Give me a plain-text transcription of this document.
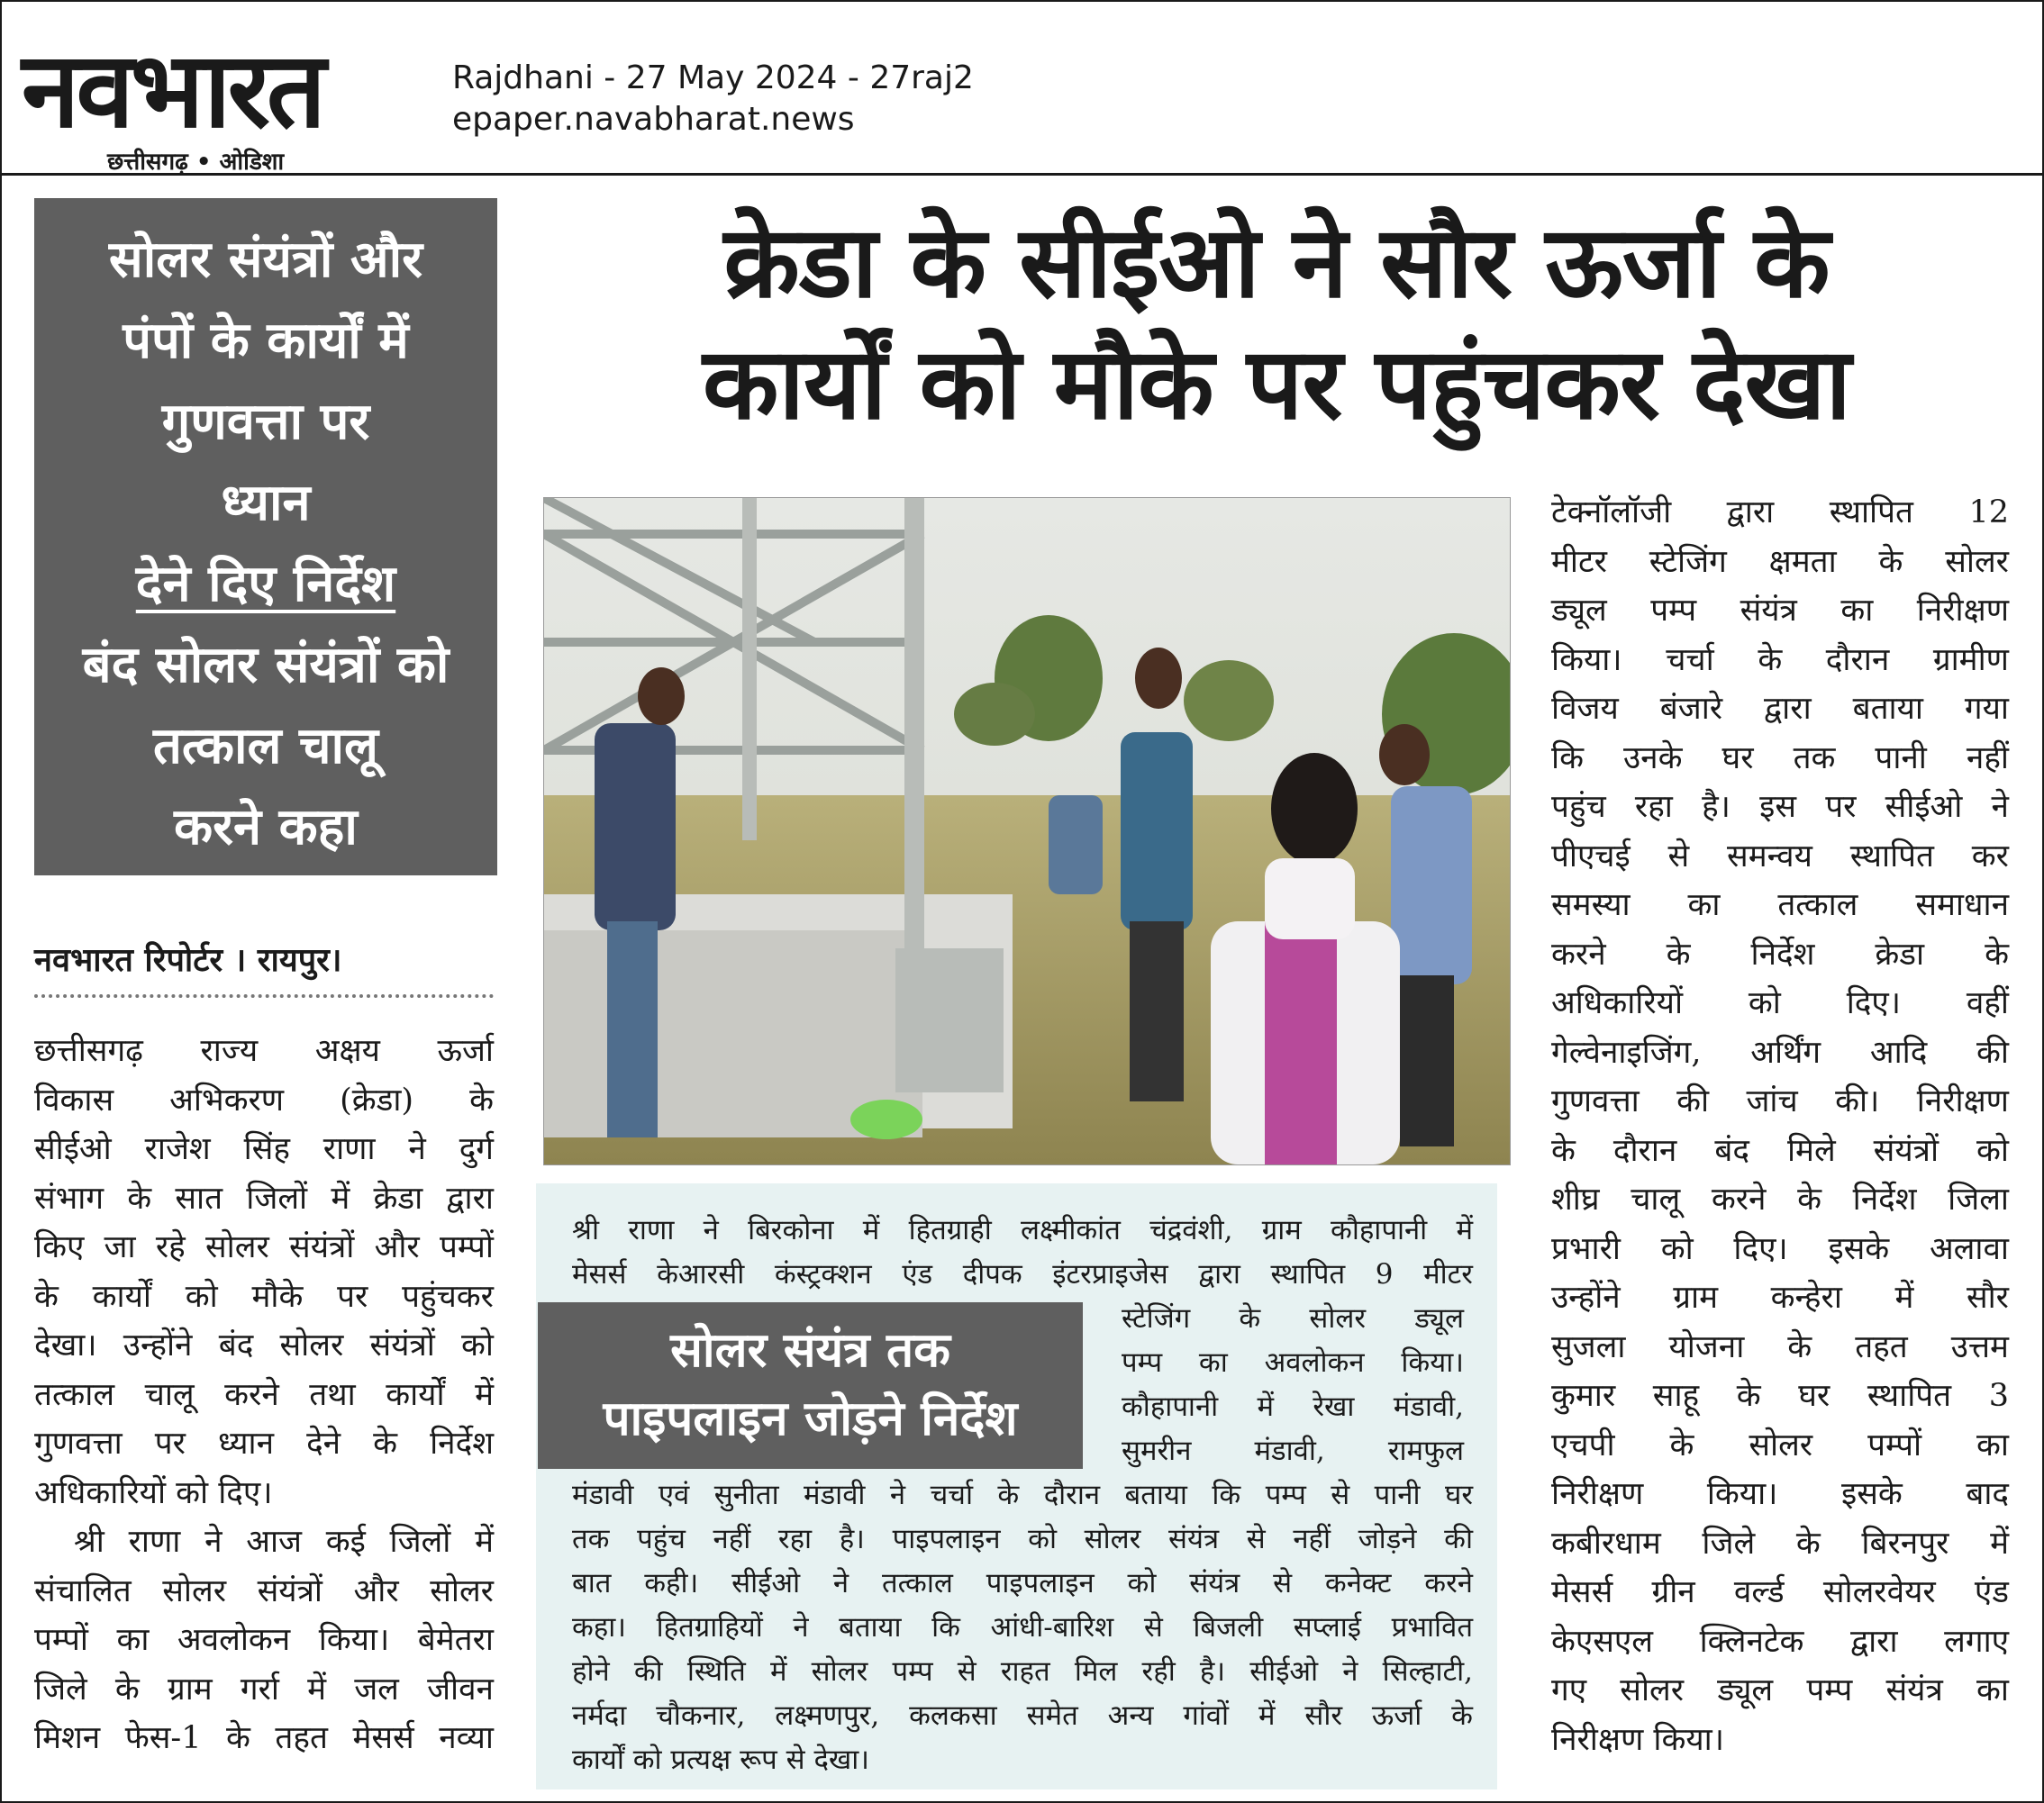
नवभारत
छत्तीसगढ़ • ओडिशा
Rajdhani - 27 May 2024 - 27raj2
epaper.navabharat.news
सोलर संयंत्रों और
पंपों के कार्यों में
गुणवत्ता पर
ध्यान
देने दिए निर्देश
बंद सोलर संयंत्रों को
तत्काल चालू
करने कहा
नवभारत रिपोर्टर । रायपुर।

छत्तीसगढ़ राज्य अक्षय ऊर्जा

विकास अभिकरण (क्रेडा) के

सीईओ राजेश सिंह राणा ने दुर्ग

संभाग के सात जिलों में क्रेडा द्वारा

किए जा रहे सोलर संयंत्रों और पम्पों

के कार्यों को मौके पर पहुंचकर

देखा। उन्होंने बंद सोलर संयंत्रों को

तत्काल चालू करने तथा कार्यों में

गुणवत्ता पर ध्यान देने के निर्देश

अधिकारियों को दिए।

श्री राणा ने आज कई जिलों में

संचालित सोलर संयंत्रों और सोलर

पम्पों का अवलोकन किया। बेमेतरा

जिले के ग्राम गर्रा में जल जीवन

मिशन फेस-1 के तहत मेसर्स नव्या

क्रेडा के सीईओ ने सौर ऊर्जा के
कार्यों को मौके पर पहुंचकर देखा

टेक्नॉलॉजी द्वारा स्थापित 12

मीटर स्टेजिंग क्षमता के सोलर

ड्यूल पम्प संयंत्र का निरीक्षण

किया। चर्चा के दौरान ग्रामीण

विजय बंजारे द्वारा बताया गया

कि उनके घर तक पानी नहीं

पहुंच रहा है। इस पर सीईओ ने

पीएचई से समन्वय स्थापित कर

समस्या का तत्काल समाधान

करने के निर्देश क्रेडा के

अधिकारियों को दिए। वहीं

गेल्वेनाइजिंग, अर्थिंग आदि की

गुणवत्ता की जांच की। निरीक्षण

के दौरान बंद मिले संयंत्रों को

शीघ्र चालू करने के निर्देश जिला

प्रभारी को दिए। इसके अलावा

उन्होंने ग्राम कन्हेरा में सौर

सुजला योजना के तहत उत्तम

कुमार साहू के घर स्थापित 3

एचपी के सोलर पम्पों का

निरीक्षण किया। इसके बाद

कबीरधाम जिले के बिरनपुर में

मेसर्स ग्रीन वर्ल्ड सोलरवेयर एंड

केएसएल क्लिनटेक द्वारा लगाए

गए सोलर ड्यूल पम्प संयंत्र का

निरीक्षण किया।

श्री राणा ने बिरकोना में हितग्राही लक्ष्मीकांत चंद्रवंशी, ग्राम कौहापानी में
मेसर्स केआरसी कंस्ट्रक्शन एंड दीपक इंटरप्राइजेस द्वारा स्थापित 9 मीटर
सोलर संयंत्र तक
पाइपलाइन जोड़ने निर्देश
स्टेजिंग के सोलर ड्यूल
पम्प का अवलोकन किया।
कौहापानी में रेखा मंडावी,
सुमरीन मंडावी, रामफुल
मंडावी एवं सुनीता मंडावी ने चर्चा के दौरान बताया कि पम्प से पानी घर
तक पहुंच नहीं रहा है। पाइपलाइन को सोलर संयंत्र से नहीं जोड़ने की
बात कही। सीईओ ने तत्काल पाइपलाइन को संयंत्र से कनेक्ट करने
कहा। हितग्राहियों ने बताया कि आंधी-बारिश से बिजली सप्लाई प्रभावित
होने की स्थिति में सोलर पम्प से राहत मिल रही है। सीईओ ने सिल्हाटी,
नर्मदा चौकनार, लक्ष्मणपुर, कलकसा समेत अन्य गांवों में सौर ऊर्जा के
कार्यों को प्रत्यक्ष रूप से देखा।
